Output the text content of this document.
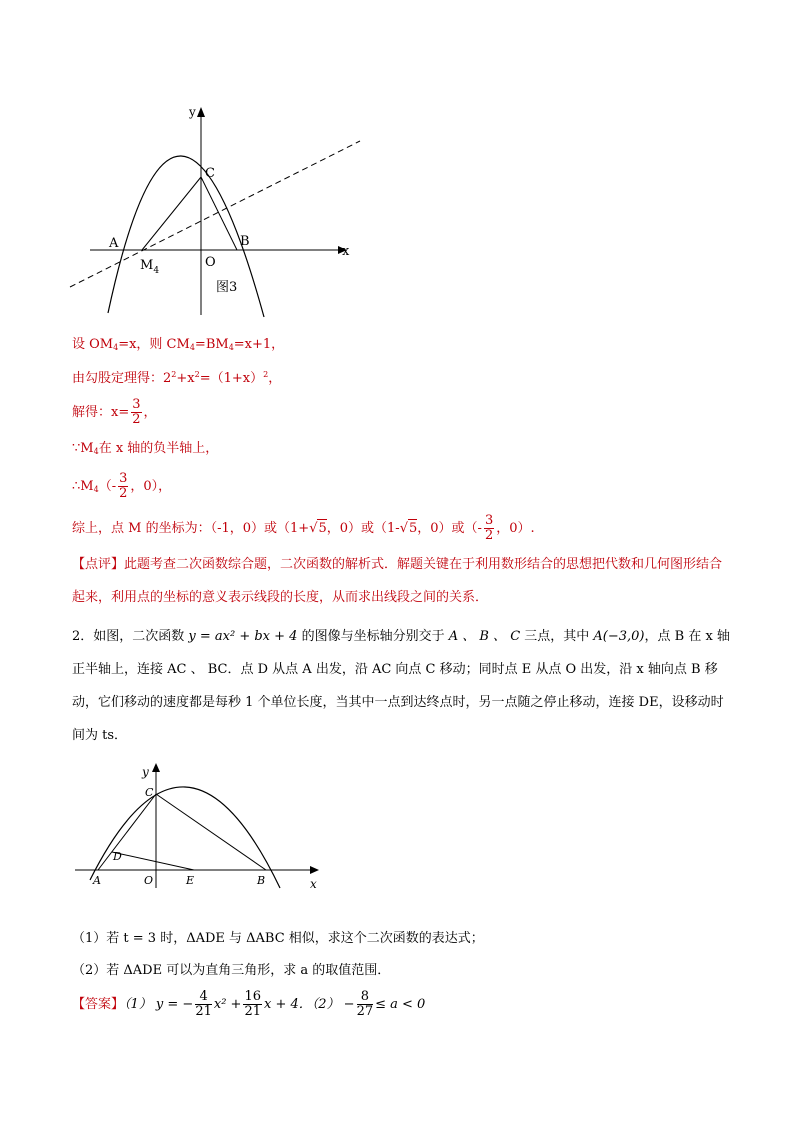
y
x
A	B
C
O
$M_4$
图3
设 $OM_4=x$，则 $CM_4=BM_4=x+1$，
由勾股定理得：$2^2+x^2=(1+x)^2$，
解得：$x= \frac{3}{2}$ ，
$\because M_4$在 x 轴的负半轴上，
$\therefore M_4(- \frac{3}{2}$ ，0），
综上，点 M 的坐标为：（-1，0）或（1+√5，0）或（1-√5，0）或（- $\frac{3}{2}$ ，0）.
【点评】此题考查二次函数综合题，二次函数的解析式．解题关键在于利用数形结合的思想把代数和几何图形结合起来，利用点的坐标的意义表示线段的长度，从而求出线段之间的关系．
2．如图，二次函数 y = ax² + bx + 4 的图像与坐标轴分别交于 A 、 B 、 C 三点，其中 A(−3,0)，点 B 在 x 轴正半轴上，连接 AC 、 BC．点 D 从点 A 出发，沿 AC 向点 C 移动；同时点 E 从点 O 出发，沿 x 轴向点 B 移动，它们移动的速度都是每秒 1 个单位长度，当其中一点到达终点时，另一点随之停止移动，连接 DE，设移动时间为 ts．
y
x
C
D
A	O	E	B
（1）若 t = 3 时，ΔADE 与 ΔABC 相似，求这个二次函数的表达式；
（2）若 ΔADE 可以为直角三角形，求 a 的取值范围．
【答案】（1） y = − $\frac{4}{21} x^2 + \frac{16}{21}$ x + 4．$(2) - \frac{8}{27} \le a < 0$
